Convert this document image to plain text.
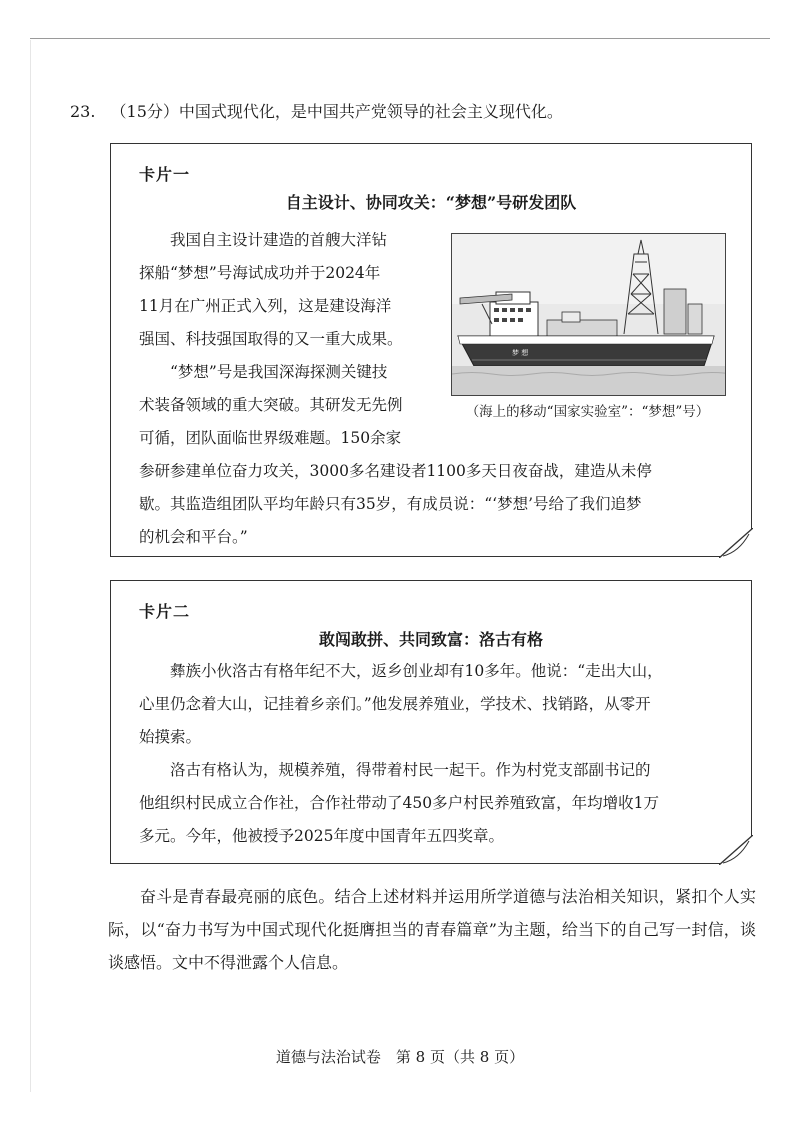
23. （15分）中国式现代化，是中国共产党领导的社会主义现代化。
卡片一
自主设计、协同攻关：“梦想”号研发团队
　　我国自主设计建造的首艘大洋钻
探船“梦想”号海试成功并于2024年
11月在广州正式入列，这是建设海洋
强国、科技强国取得的又一重大成果。
　　“梦想”号是我国深海探测关键技
术装备领域的重大突破。其研发无先例
可循，团队面临世界级难题。150余家
梦 想
（海上的移动“国家实验室”：“梦想”号）
参研参建单位奋力攻关，3000多名建设者1100多天日夜奋战，建造从未停
歇。其监造组团队平均年龄只有35岁，有成员说：“‘梦想’号给了我们追梦
的机会和平台。”
卡片二
敢闯敢拼、共同致富：洛古有格
　　彝族小伙洛古有格年纪不大，返乡创业却有10多年。他说：“走出大山，
心里仍念着大山，记挂着乡亲们。”他发展养殖业，学技术、找销路，从零开
始摸索。
　　洛古有格认为，规模养殖，得带着村民一起干。作为村党支部副书记的
他组织村民成立合作社，合作社带动了450多户村民养殖致富，年均增收1万
多元。今年，他被授予2025年度中国青年五四奖章。

奋斗是青春最亮丽的底色。结合上述材料并运用所学道德与法治相关知识，紧扣个人实际，以“奋力书写为中国式现代化挺膺担当的青春篇章”为主题，给当下的自己写一封信，谈谈感悟。文中不得泄露个人信息。

道德与法治试卷　第 8 页（共 8 页）
